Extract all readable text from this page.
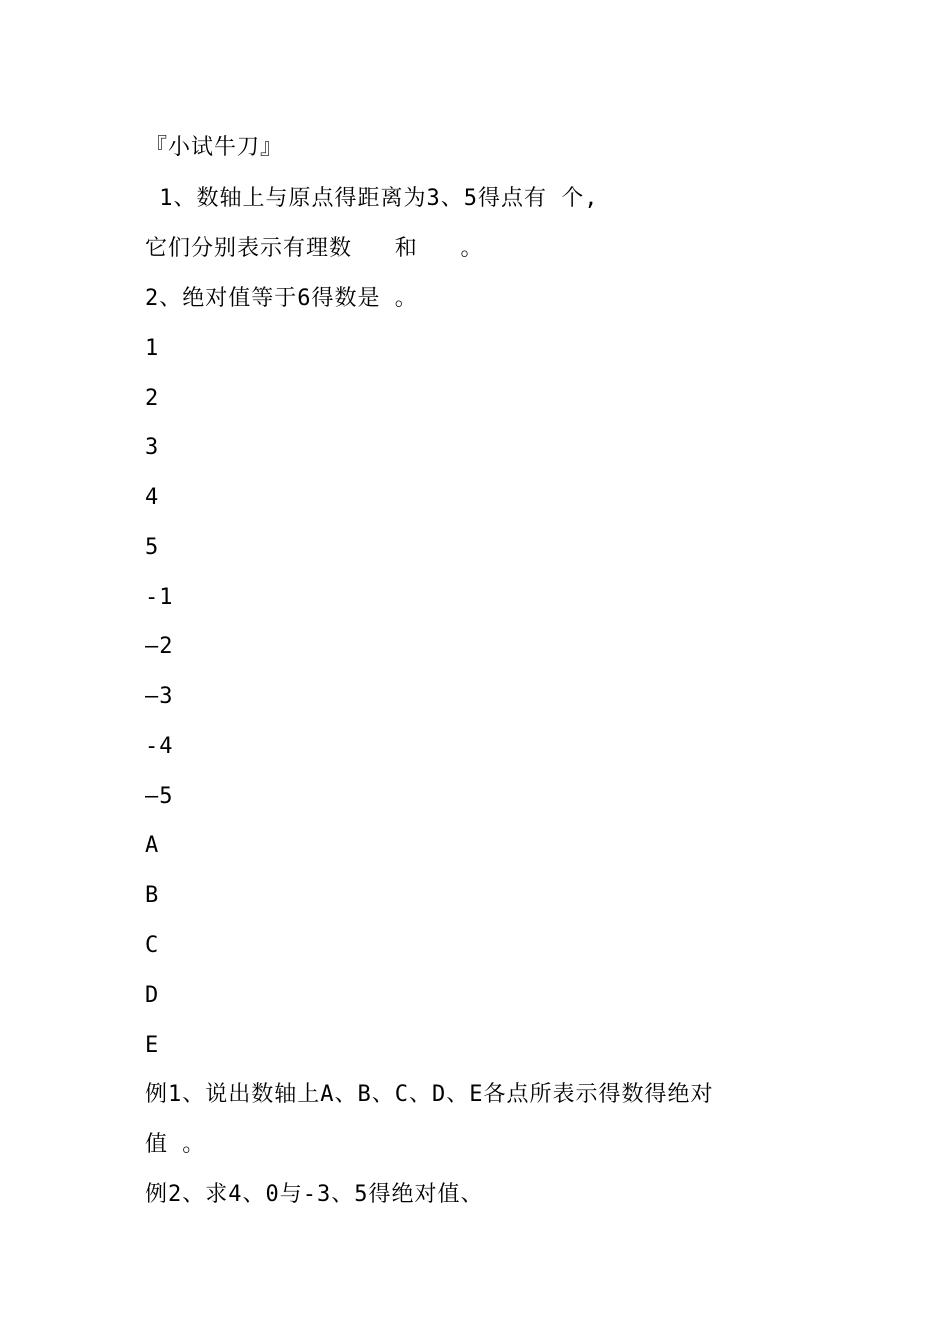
『小试牛刀』
1、数轴上与原点得距离为3、5得点有 个,
它们分别表示有理数   和   。
2、绝对值等于6得数是 。
1
2
3
4
5
-1
—2
—3
-4
—5
A
B
C
D
E
例1、说出数轴上A、B、C、D、E各点所表示得数得绝对
值 。
例2、求4、0与-3、5得绝对值、
